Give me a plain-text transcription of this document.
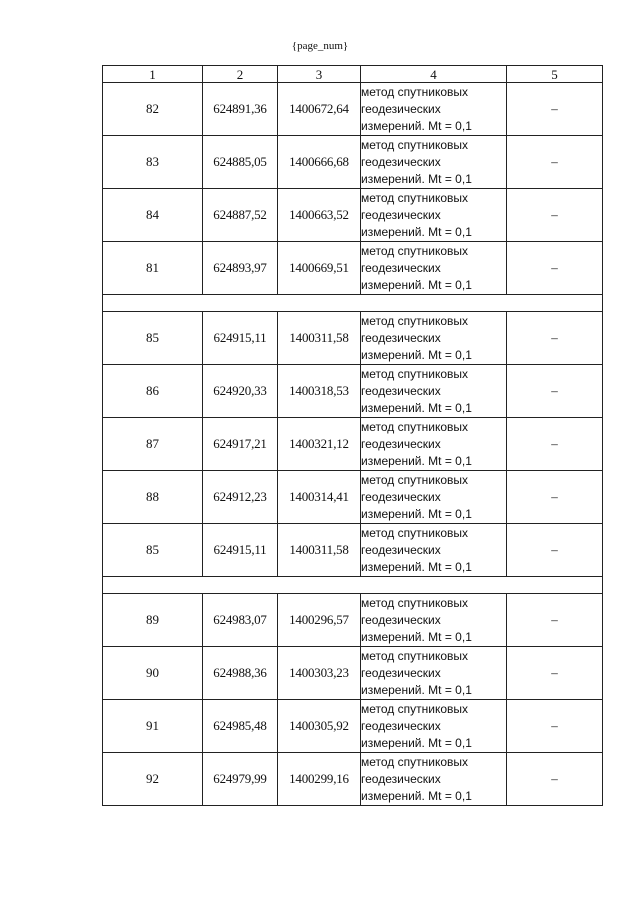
{page_num}
1	2	3	4	5
82	624891,36	1400672,64	метод спутниковых
геодезических
измерений. Mt = 0,1	–
83	624885,05	1400666,68	метод спутниковых
геодезических
измерений. Mt = 0,1	–
84	624887,52	1400663,52	метод спутниковых
геодезических
измерений. Mt = 0,1	–
81	624893,97	1400669,51	метод спутниковых
геодезических
измерений. Mt = 0,1	–

85	624915,11	1400311,58	метод спутниковых
геодезических
измерений. Mt = 0,1	–
86	624920,33	1400318,53	метод спутниковых
геодезических
измерений. Mt = 0,1	–
87	624917,21	1400321,12	метод спутниковых
геодезических
измерений. Mt = 0,1	–
88	624912,23	1400314,41	метод спутниковых
геодезических
измерений. Mt = 0,1	–
85	624915,11	1400311,58	метод спутниковых
геодезических
измерений. Mt = 0,1	–

89	624983,07	1400296,57	метод спутниковых
геодезических
измерений. Mt = 0,1	–
90	624988,36	1400303,23	метод спутниковых
геодезических
измерений. Mt = 0,1	–
91	624985,48	1400305,92	метод спутниковых
геодезических
измерений. Mt = 0,1	–
92	624979,99	1400299,16	метод спутниковых
геодезических
измерений. Mt = 0,1	–
